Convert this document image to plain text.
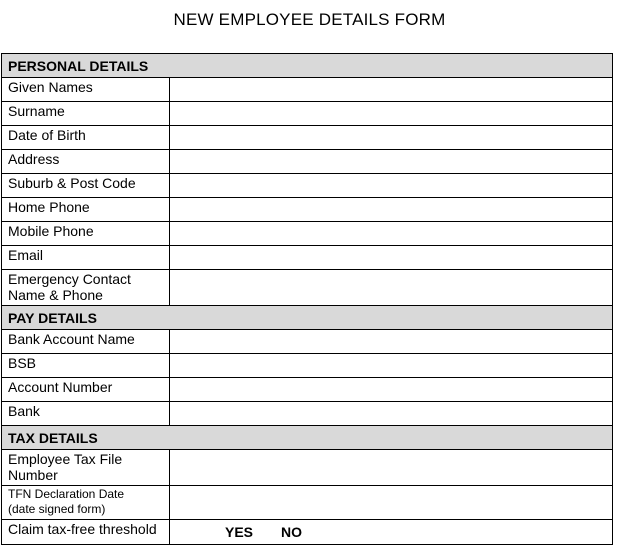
NEW EMPLOYEE DETAILS FORM
PERSONAL DETAILS
Given Names
Surname
Date of Birth
Address
Suburb & Post Code
Home Phone
Mobile Phone
Email
Emergency Contact
Name & Phone
PAY DETAILS
Bank Account Name
BSB
Account Number
Bank
TAX DETAILS
Employee Tax File
Number
TFN Declaration Date
(date signed form)
Claim tax-free threshold	YES NO
